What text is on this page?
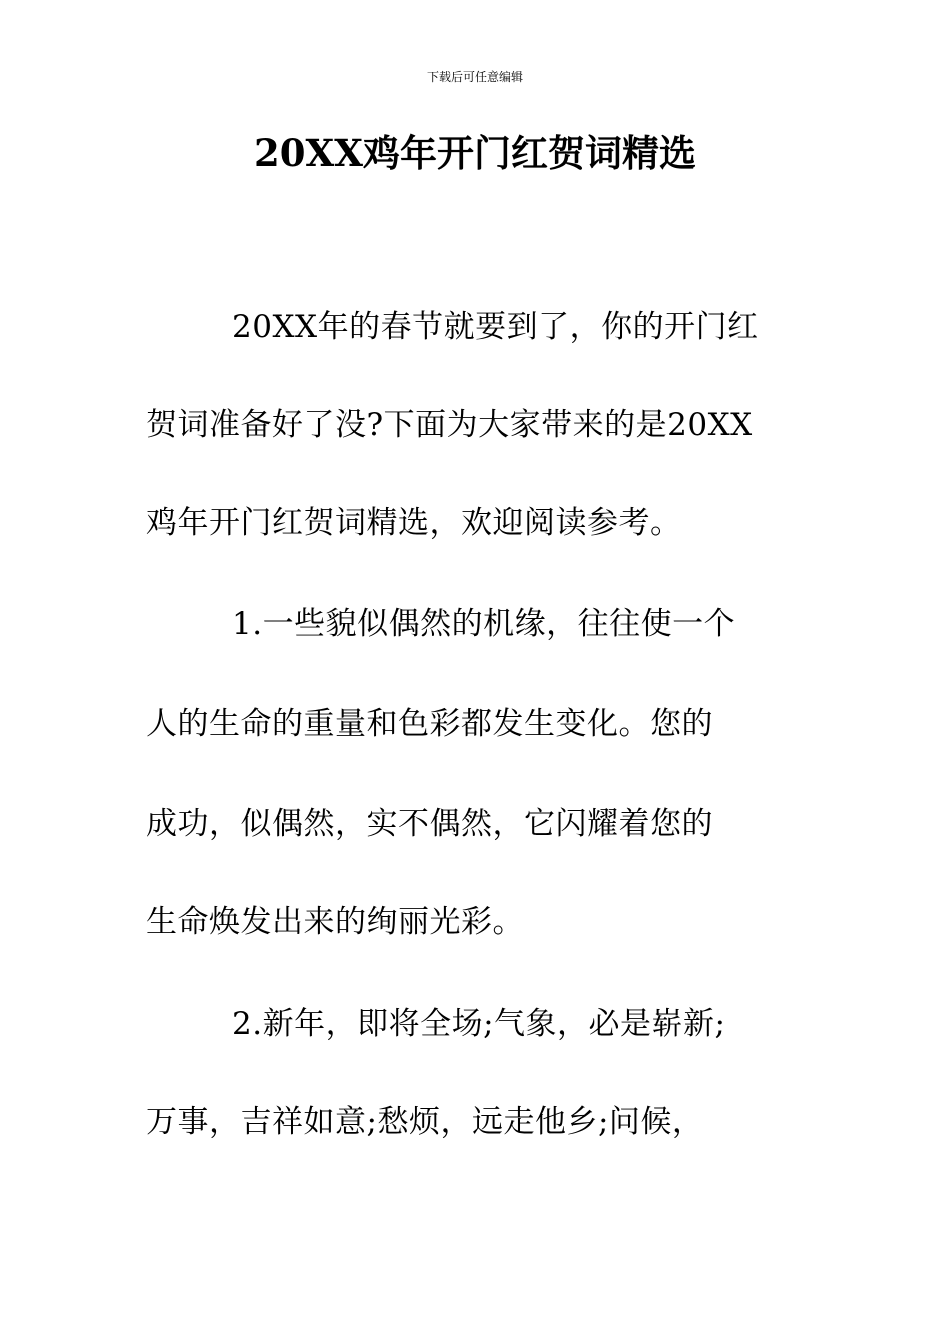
下载后可任意编辑
20XX鸡年开门红贺词精选
20XX年的春节就要到了，你的开门红
贺词准备好了没?下面为大家带来的是20XX
鸡年开门红贺词精选，欢迎阅读参考。
1.一些貌似偶然的机缘，往往使一个
人的生命的重量和色彩都发生变化。您的
成功，似偶然，实不偶然，它闪耀着您的
生命焕发出来的绚丽光彩。
2.新年，即将全场;气象，必是崭新;
万事，吉祥如意;愁烦，远走他乡;问候，
